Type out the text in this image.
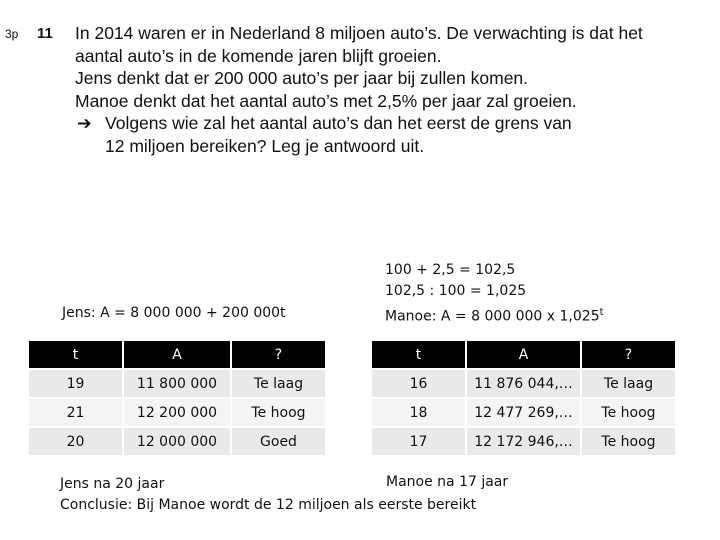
3p 11 In 2014 waren er in Nederland 8 miljoen auto’s. De verwachting is dat het
aantal auto’s in de komende jaren blijft groeien.
Jens denkt dat er 200 000 auto’s per jaar bij zullen komen.
Manoe denkt dat het aantal auto’s met 2,5% per jaar zal groeien.
➔ Volgens wie zal het aantal auto’s dan het eerst de grens van
12 miljoen bereiken? Leg je antwoord uit.
100 + 2,5 = 102,5
102,5 : 100 = 1,025
Manoe: A = 8 000 000 x 1,025$^t$
Jens: A = 8 000 000 + 200 000t
t	A	?
19	11 800 000	Te laag
21	12 200 000	Te hoog
20	12 000 000	Goed
t	A	?
16	11 876 044,…	Te laag
18	12 477 269,…	Te hoog
17	12 172 946,…	Te hoog
Jens na 20 jaar
Conclusie: Bij Manoe wordt de 12 miljoen als eerste bereikt
Manoe na 17 jaar
